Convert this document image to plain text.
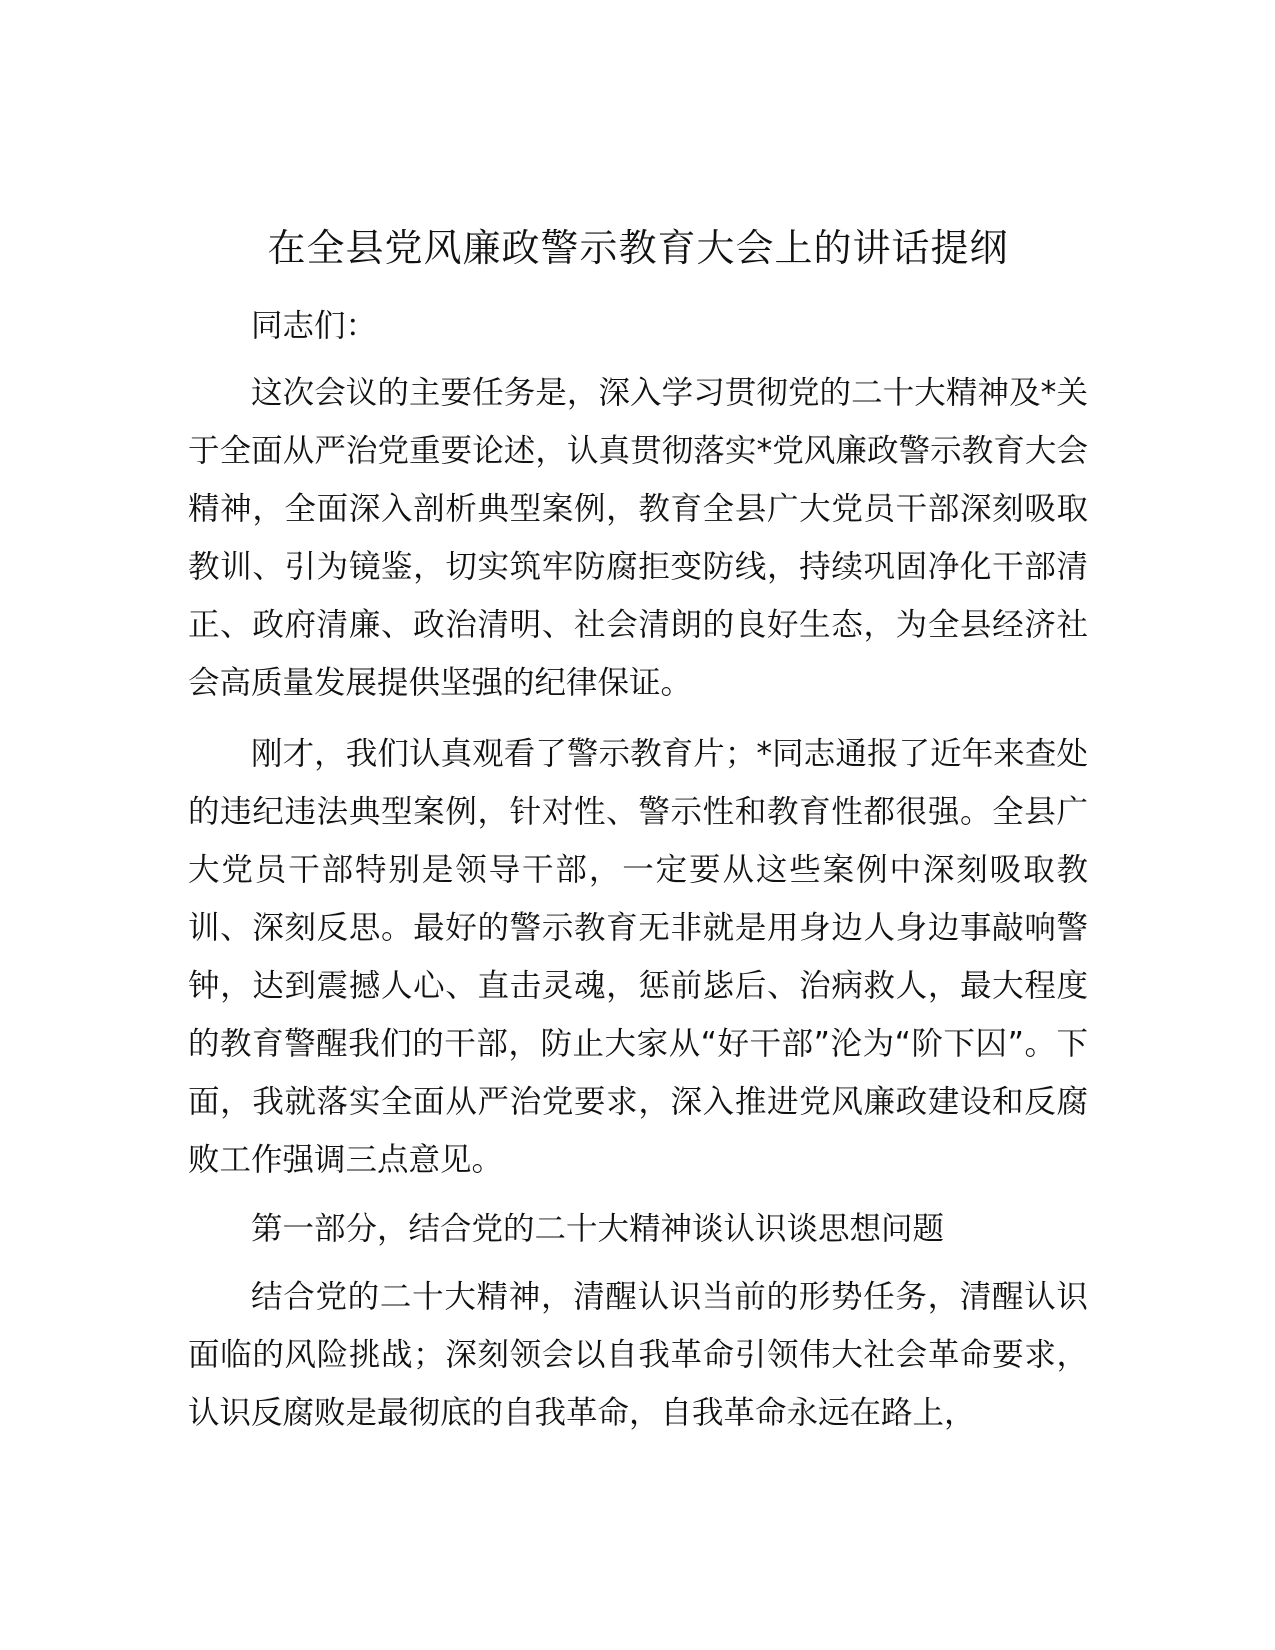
在全县党风廉政警示教育大会上的讲话提纲

同志们：

这次会议的主要任务是，深入学习贯彻党的二十大精神及*关于全面从严治党重要论述，认真贯彻落实*党风廉政警示教育大会精神，全面深入剖析典型案例，教育全县广大党员干部深刻吸取教训、引为镜鉴，切实筑牢防腐拒变防线，持续巩固净化干部清正、政府清廉、政治清明、社会清朗的良好生态，为全县经济社会高质量发展提供坚强的纪律保证。

刚才，我们认真观看了警示教育片；*同志通报了近年来查处的违纪违法典型案例，针对性、警示性和教育性都很强。全县广大党员干部特别是领导干部，一定要从这些案例中深刻吸取教训、深刻反思。最好的警示教育无非就是用身边人身边事敲响警钟，达到震撼人心、直击灵魂，惩前毖后、治病救人，最大程度的教育警醒我们的干部，防止大家从“好干部”沦为“阶下囚”。下面，我就落实全面从严治党要求，深入推进党风廉政建设和反腐败工作强调三点意见。

第一部分，结合党的二十大精神谈认识谈思想问题

结合党的二十大精神，清醒认识当前的形势任务，清醒认识面临的风险挑战；深刻领会以自我革命引领伟大社会革命要求，认识反腐败是最彻底的自我革命，自我革命永远在路上，
